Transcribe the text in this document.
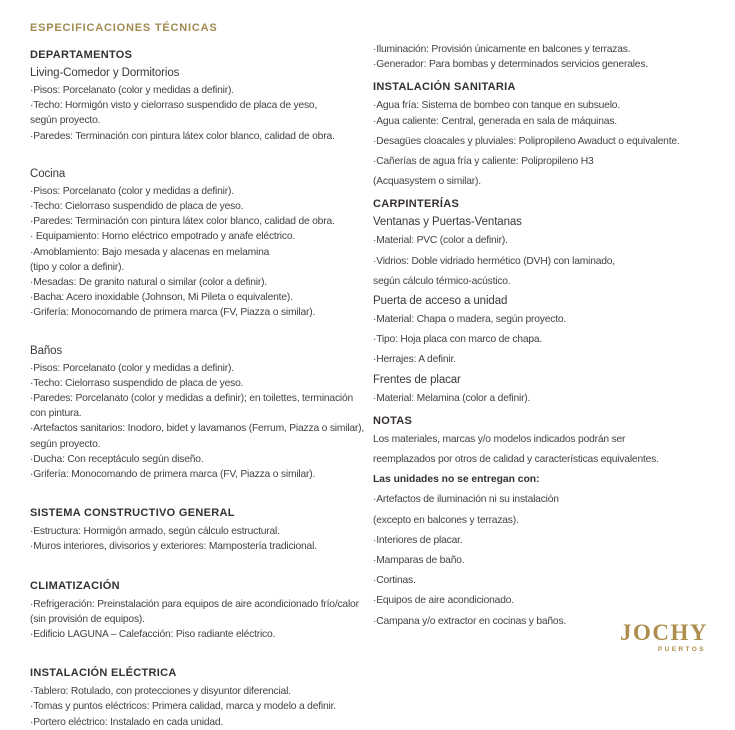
ESPECIFICACIONES TÉCNICAS
DEPARTAMENTOS
Living-Comedor y Dormitorios

·Pisos: Porcelanato (color y medidas a definir).

·Techo: Hormigón visto y cielorraso suspendido de placa de yeso,

según proyecto.

·Paredes: Terminación con pintura látex color blanco, calidad de obra.

Cocina

·Pisos: Porcelanato (color y medidas a definir).

·Techo: Cielorraso suspendido de placa de yeso.

·Paredes: Terminación con pintura látex color blanco, calidad de obra.

· Equipamiento: Horno eléctrico empotrado y anafe eléctrico.

·Amoblamiento: Bajo mesada y alacenas en melamina

(tipo y color a definir).

·Mesadas: De granito natural o similar (color a definir).

·Bacha: Acero inoxidable (Johnson, Mi Pileta o equivalente).

·Grifería: Monocomando de primera marca (FV, Piazza o similar).

Baños

·Pisos: Porcelanato (color y medidas a definir).

·Techo: Cielorraso suspendido de placa de yeso.

·Paredes: Porcelanato (color y medidas a definir); en toilettes, terminación

con pintura.

·Artefactos sanitarios: Inodoro, bidet y lavamanos (Ferrum, Piazza o similar),

según proyecto.

·Ducha: Con receptáculo según diseño.

·Grifería: Monocomando de primera marca (FV, Piazza o similar).

SISTEMA CONSTRUCTIVO GENERAL

·Estructura: Hormigón armado, según cálculo estructural.

·Muros interiores, divisorios y exteriores: Mampostería tradicional.

CLIMATIZACIÓN

·Refrigeración: Preinstalación para equipos de aire acondicionado frío/calor

(sin provisión de equipos).

·Edificio LAGUNA – Calefacción: Piso radiante eléctrico.

INSTALACIÓN ELÉCTRICA

·Tablero: Rotulado, con protecciones y disyuntor diferencial.

·Tomas y puntos eléctricos: Primera calidad, marca y modelo a definir.

·Portero eléctrico: Instalado en cada unidad.

·Iluminación: Provisión únicamente en balcones y terrazas.

·Generador: Para bombas y determinados servicios generales.

INSTALACIÓN SANITARIA

·Agua fría: Sistema de bombeo con tanque en subsuelo.

·Agua caliente: Central, generada en sala de máquinas.

·Desagües cloacales y pluviales: Polipropileno Awaduct o equivalente.

·Cañerías de agua fría y caliente: Polipropileno H3

(Acquasystem o similar).

CARPINTERÍAS
Ventanas y Puertas-Ventanas

·Material: PVC (color a definir).

·Vidrios: Doble vidriado hermético (DVH) con laminado,

según cálculo térmico-acústico.

Puerta de acceso a unidad

·Material: Chapa o madera, según proyecto.

·Tipo: Hoja placa con marco de chapa.

·Herrajes: A definir.

Frentes de placar

·Material: Melamina (color a definir).

NOTAS

Los materiales, marcas y/o modelos indicados podrán ser

reemplazados por otros de calidad y características equivalentes.

Las unidades no se entregan con:

·Artefactos de iluminación ni su instalación

(excepto en balcones y terrazas).

·Interiores de placar.

·Mamparas de baño.

·Cortinas.

·Equipos de aire acondicionado.

·Campana y/o extractor en cocinas y baños.	JOCHY
PUERTOS
